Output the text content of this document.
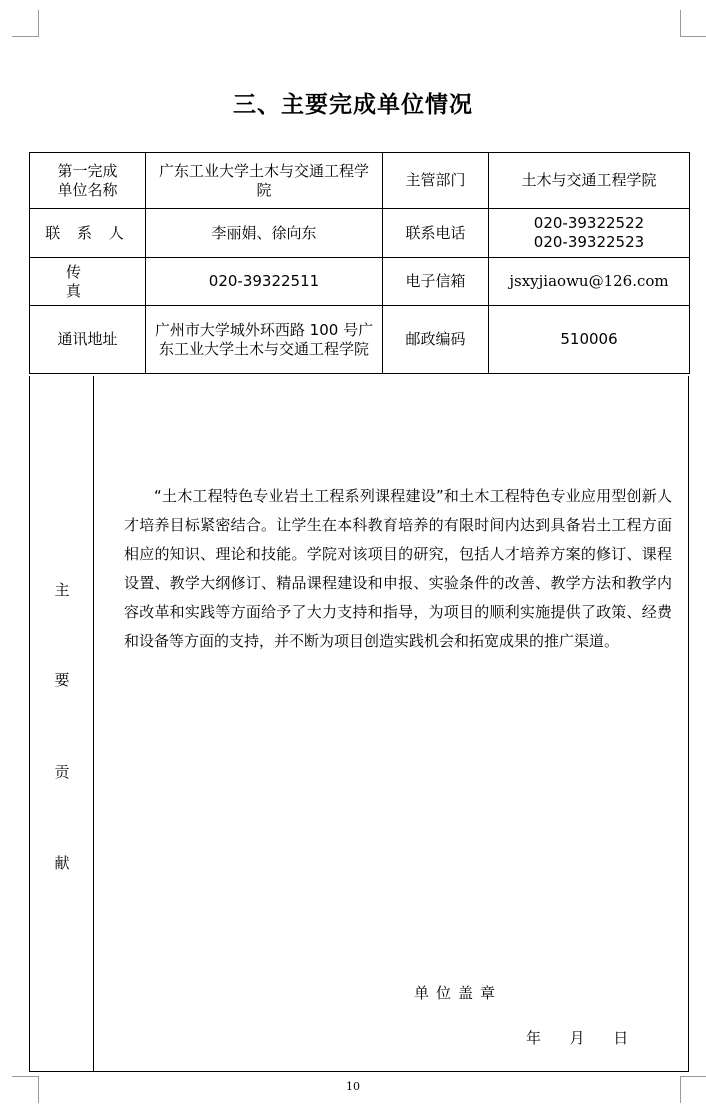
三、主要完成单位情况
第一完成
单位名称	广东工业大学土木与交通工程学院	主管部门	土木与交通工程学院
联 系 人	李丽娟、徐向东	联系电话	020-39322522
020-39322523

传 真	020-39322511	电子信箱	jsxyjiaowu@126.com
通讯地址	广州市大学城外环西路 100 号广东工业大学土木与交通工程学院	邮政编码	510006
主
要
贡
献

“土木工程特色专业岩土工程系列课程建设”和土木工程特色专业应用型创新人才培养目标紧密结合。让学生在本科教育培养的有限时间内达到具备岩土工程方面相应的知识、理论和技能。学院对该项目的研究，包括人才培养方案的修订、课程设置、教学大纲修订、精品课程建设和申报、实验条件的改善、教学方法和教学内容改革和实践等方面给予了大力支持和指导，为项目的顺利实施提供了政策、经费和设备等方面的支持，并不断为项目创造实践机会和拓宽成果的推广渠道。

单位盖章
年      月      日
10
